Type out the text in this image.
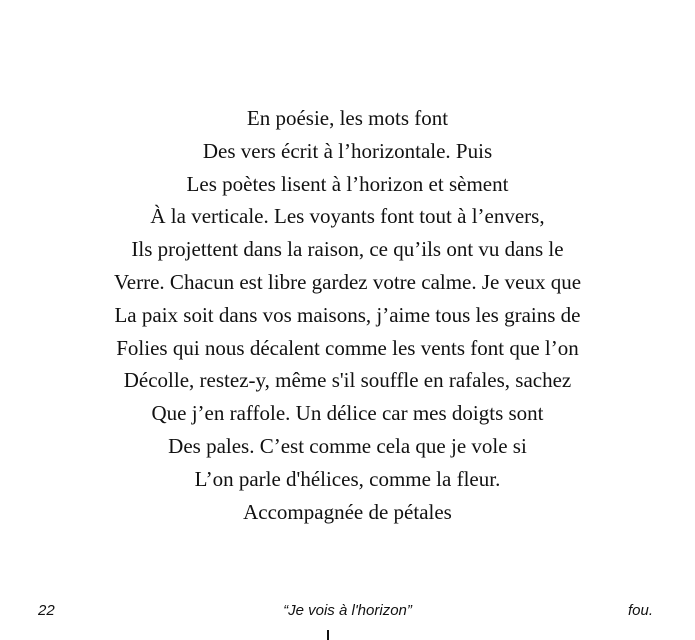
En poésie, les mots font
Des vers écrit à l’horizontale. Puis
Les poètes lisent à l’horizon et sèment
À la verticale. Les voyants font tout à l’envers,
Ils projettent dans la raison, ce qu’ils ont vu dans le
Verre. Chacun est libre gardez votre calme. Je veux que
La paix soit dans vos maisons, j’aime tous les grains de
Folies qui nous décalent comme les vents font que l’on
Décolle, restez-y, même s'il souffle en rafales, sachez
Que j’en raffole. Un délice car mes doigts sont
Des pales. C’est comme cela que je vole si
L’on parle d'hélices, comme la fleur.
Accompagnée de pétales
22	“Je vois à l'horizon”	fou.
